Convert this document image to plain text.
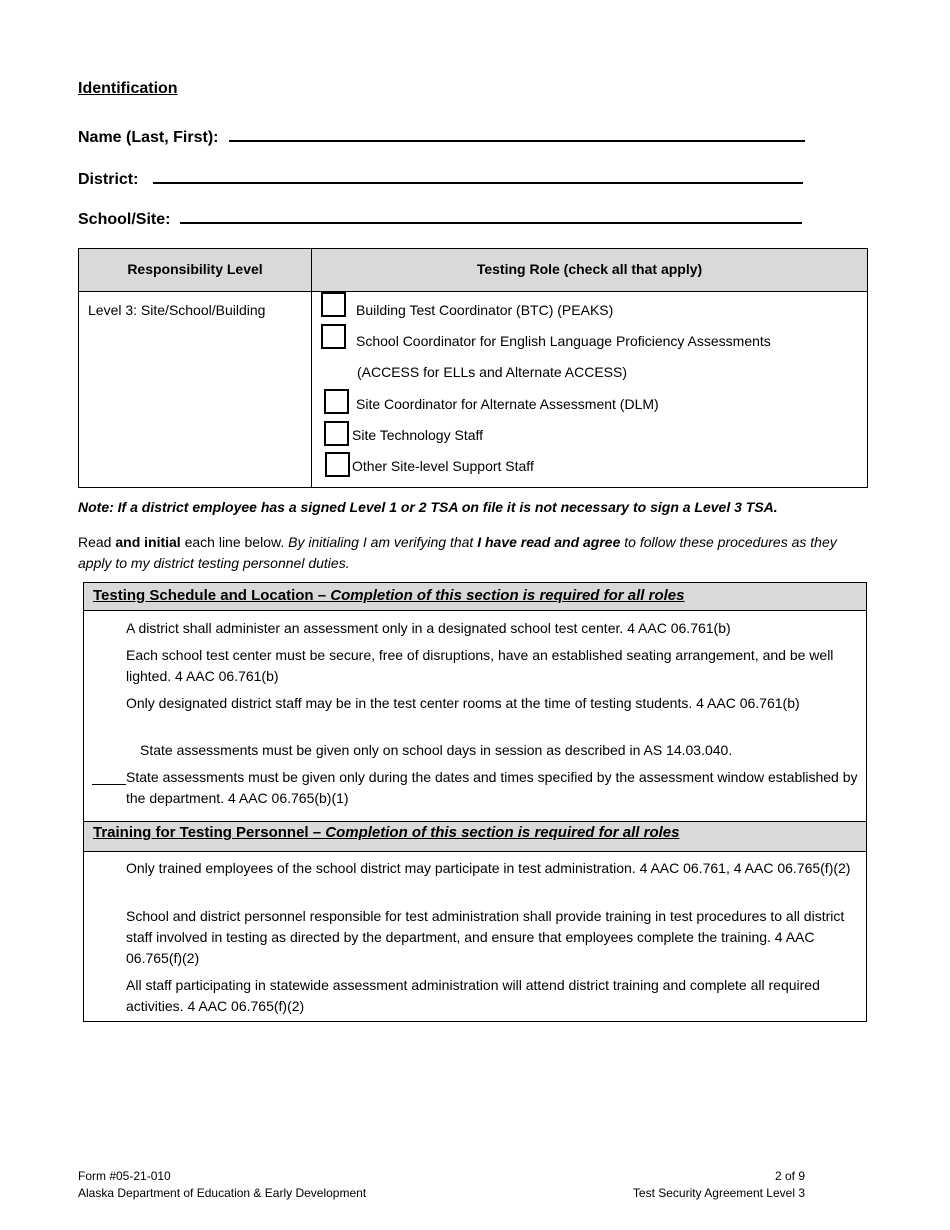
Identification
Name (Last, First):
District:
School/Site:
Responsibility Level	Testing Role (check all that apply)
Level 3: Site/School/Building	Building Test Coordinator (BTC) (PEAKS)
School Coordinator for English Language Proficiency Assessments
(ACCESS for ELLs and Alternate ACCESS)
Site Coordinator for Alternate Assessment (DLM)
Site Technology Staff
Other Site-level Support Staff
Note: If a district employee has a signed Level 1 or 2 TSA on file it is not necessary to sign a Level 3 TSA.
Read and initial each line below. By initialing I am verifying that I have read and agree to follow these procedures as they apply to my district testing personnel duties.
Testing Schedule and Location – Completion of this section is required for all roles
A district shall administer an assessment only in a designated school test center. 4 AAC 06.761(b)
Each school test center must be secure, free of disruptions, have an established seating arrangement, and be well lighted. 4 AAC 06.761(b)
Only designated district staff may be in the test center rooms at the time of testing students. 4 AAC 06.761(b)
State assessments must be given only on school days in session as described in AS 14.03.040.
State assessments must be given only during the dates and times specified by the assessment window established by the department. 4 AAC 06.765(b)(1)
Training for Testing Personnel – Completion of this section is required for all roles
Only trained employees of the school district may participate in test administration. 4 AAC 06.761, 4 AAC 06.765(f)(2)
School and district personnel responsible for test administration shall provide training in test procedures to all district staff involved in testing as directed by the department, and ensure that employees complete the training. 4 AAC 06.765(f)(2)
All staff participating in statewide assessment administration will attend district training and complete all required activities. 4 AAC 06.765(f)(2)
Form #05-21-010
Alaska Department of Education & Early Development
2 of 9
Test Security Agreement Level 3
